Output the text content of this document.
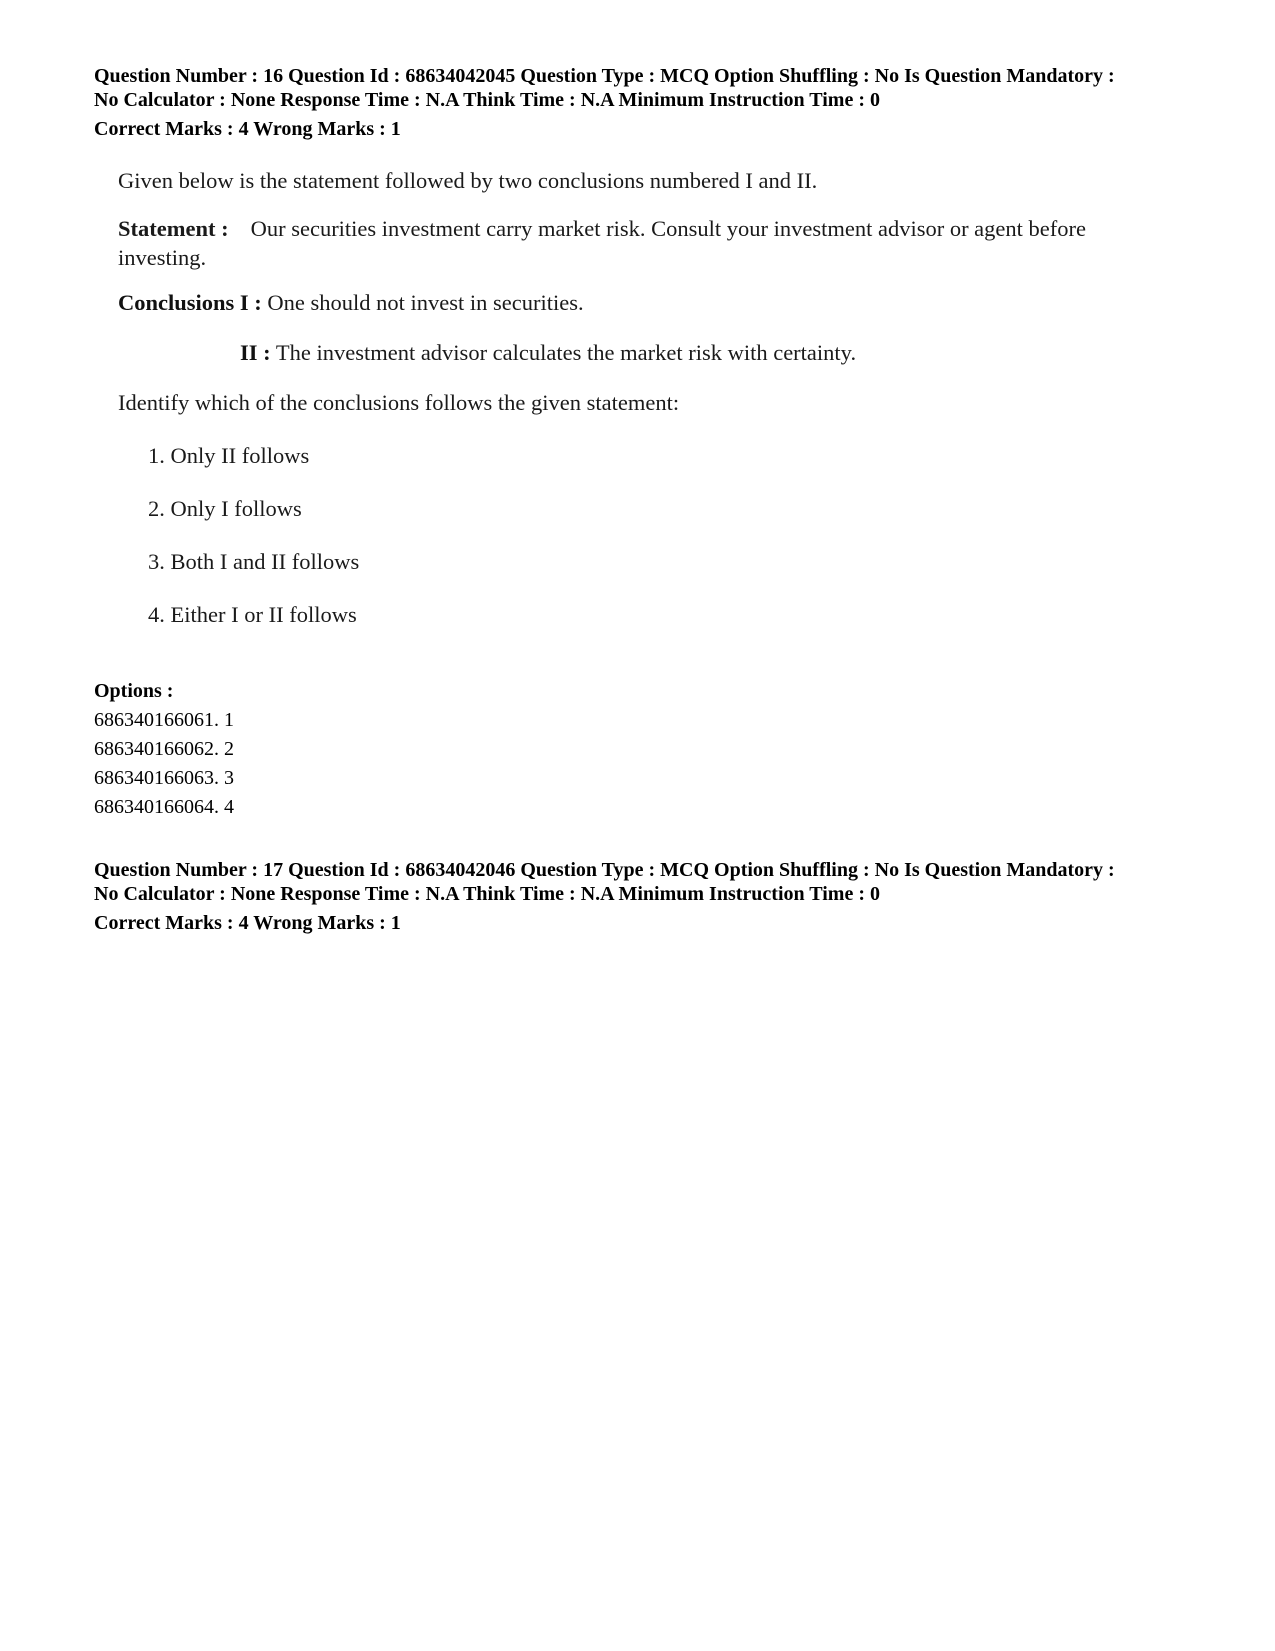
Question Number : 16 Question Id : 68634042045 Question Type : MCQ Option Shuffling : No Is Question Mandatory :
No Calculator : None Response Time : N.A Think Time : N.A Minimum Instruction Time : 0
Correct Marks : 4 Wrong Marks : 1
Given below is the statement followed by two conclusions numbered I and II.
Statement : Our securities investment carry market risk. Consult your investment advisor or agent before investing.
Conclusions I : One should not invest in securities.
II : The investment advisor calculates the market risk with certainty.
Identify which of the conclusions follows the given statement:
1. Only II follows
2. Only I follows
3. Both I and II follows
4. Either I or II follows
Options :
686340166061. 1
686340166062. 2
686340166063. 3
686340166064. 4
Question Number : 17 Question Id : 68634042046 Question Type : MCQ Option Shuffling : No Is Question Mandatory :
No Calculator : None Response Time : N.A Think Time : N.A Minimum Instruction Time : 0
Correct Marks : 4 Wrong Marks : 1
